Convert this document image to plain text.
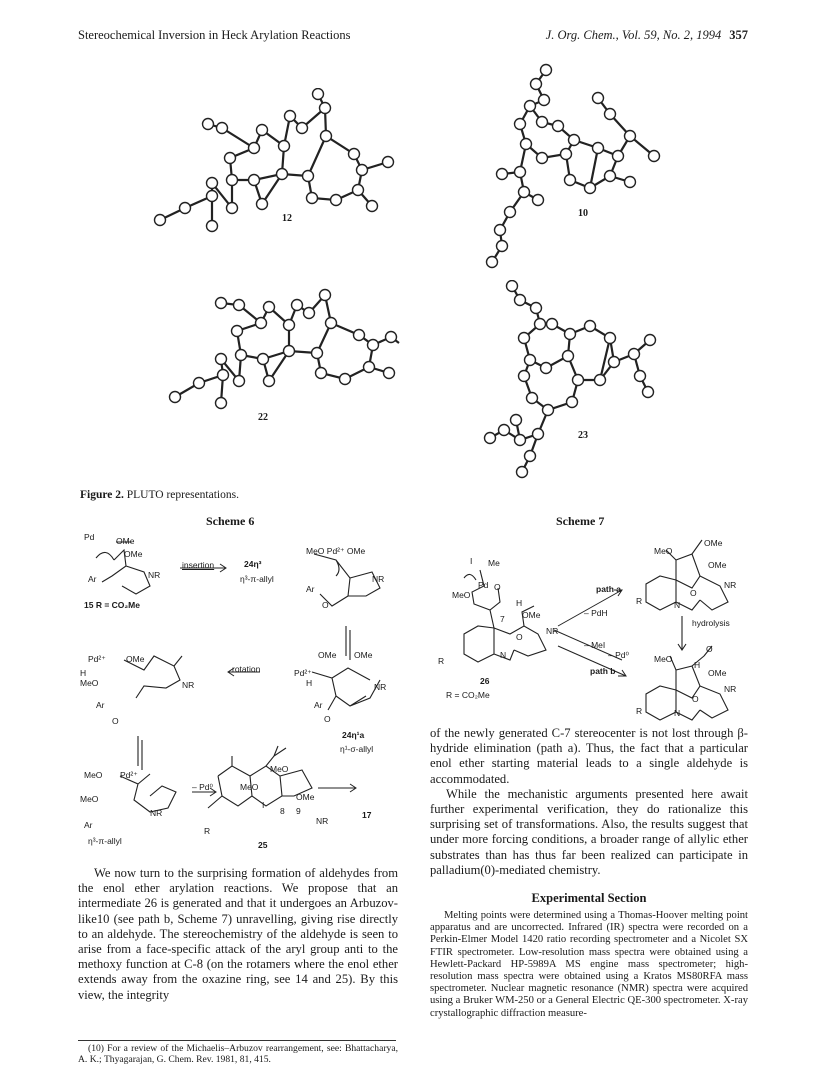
Stereochemical Inversion in Heck Arylation Reactions	J. Org. Chem., Vol. 59, No. 2, 1994 357
12	10
22
23
Figure 2. PLUTO representations.
Scheme 6
Pd	OMe
OMe
NR
Ar
15 R = CO₂Me
insertion	24η³
η³-π-allyl
MeO Pd²⁺ OMe
Ar
NR
O
Pd²⁺ OMe
H
MeO	NR
Ar
O
rotation
OMe OMe
Pd²⁺
H	NR
Ar
O
24η¹a
η¹-σ-allyl
MeO Pd²⁺
MeO
NR
Ar
η³-π-allyl
– Pd⁰
MeO
MeO
I
OMe
8 9
NR
R
25
17
Scheme 7
I Me
Pd O
MeO
H
OMe
7
NR
O
R
N
26
path a
– PdH
– MeI
– Pd⁰
path b
R = CO₂Me
OMe
MeO
OMe
NR
O
R	N
hydrolysis
O
MeO
H
OMe
NR
O
R	N

We now turn to the surprising formation of aldehydes from the enol ether arylation reactions. We propose that an intermediate 26 is generated and that it undergoes an Arbuzov-like10 (see path b, Scheme 7) unravelling, giving rise directly to an aldehyde. The stereochemistry of the aldehyde is seen to arise from a face-specific attack of the aryl group anti to the methoxy function at C-8 (on the rotamers where the enol ether extends away from the oxazine ring, see 14 and 25). By this view, the integrity

of the newly generated C-7 stereocenter is not lost through β-hydride elimination (path a). Thus, the fact that a particular enol ether starting material leads to a single aldehyde is accommodated.

While the mechanistic arguments presented here await further experimental verification, they do rationalize this surprising set of transformations. Also, the results suggest that under more forcing conditions, a broader range of allylic ether substrates than has thus far been realized can participate in palladium(0)-mediated chemistry.

Experimental Section
Melting points were determined using a Thomas-Hoover melting point apparatus and are uncorrected. Infrared (IR) spectra were recorded on a Perkin-Elmer Model 1420 ratio recording spectrometer and a Nicolet SX FTIR spectrometer. Low-resolution mass spectra were obtained using a Hewlett-Packard HP-5989A MS engine mass spectrometer; high-resolution mass spectra were obtained using a Kratos MS80RFA mass spectrometer. Nuclear magnetic resonance (NMR) spectra were acquired using a Bruker WM-250 or a General Electric QE-300 spectrometer. X-ray crystallographic diffraction measure-
(10) For a review of the Michaelis–Arbuzov rearrangement, see: Bhattacharya, A. K.; Thyagarajan, G. Chem. Rev. 1981, 81, 415.
